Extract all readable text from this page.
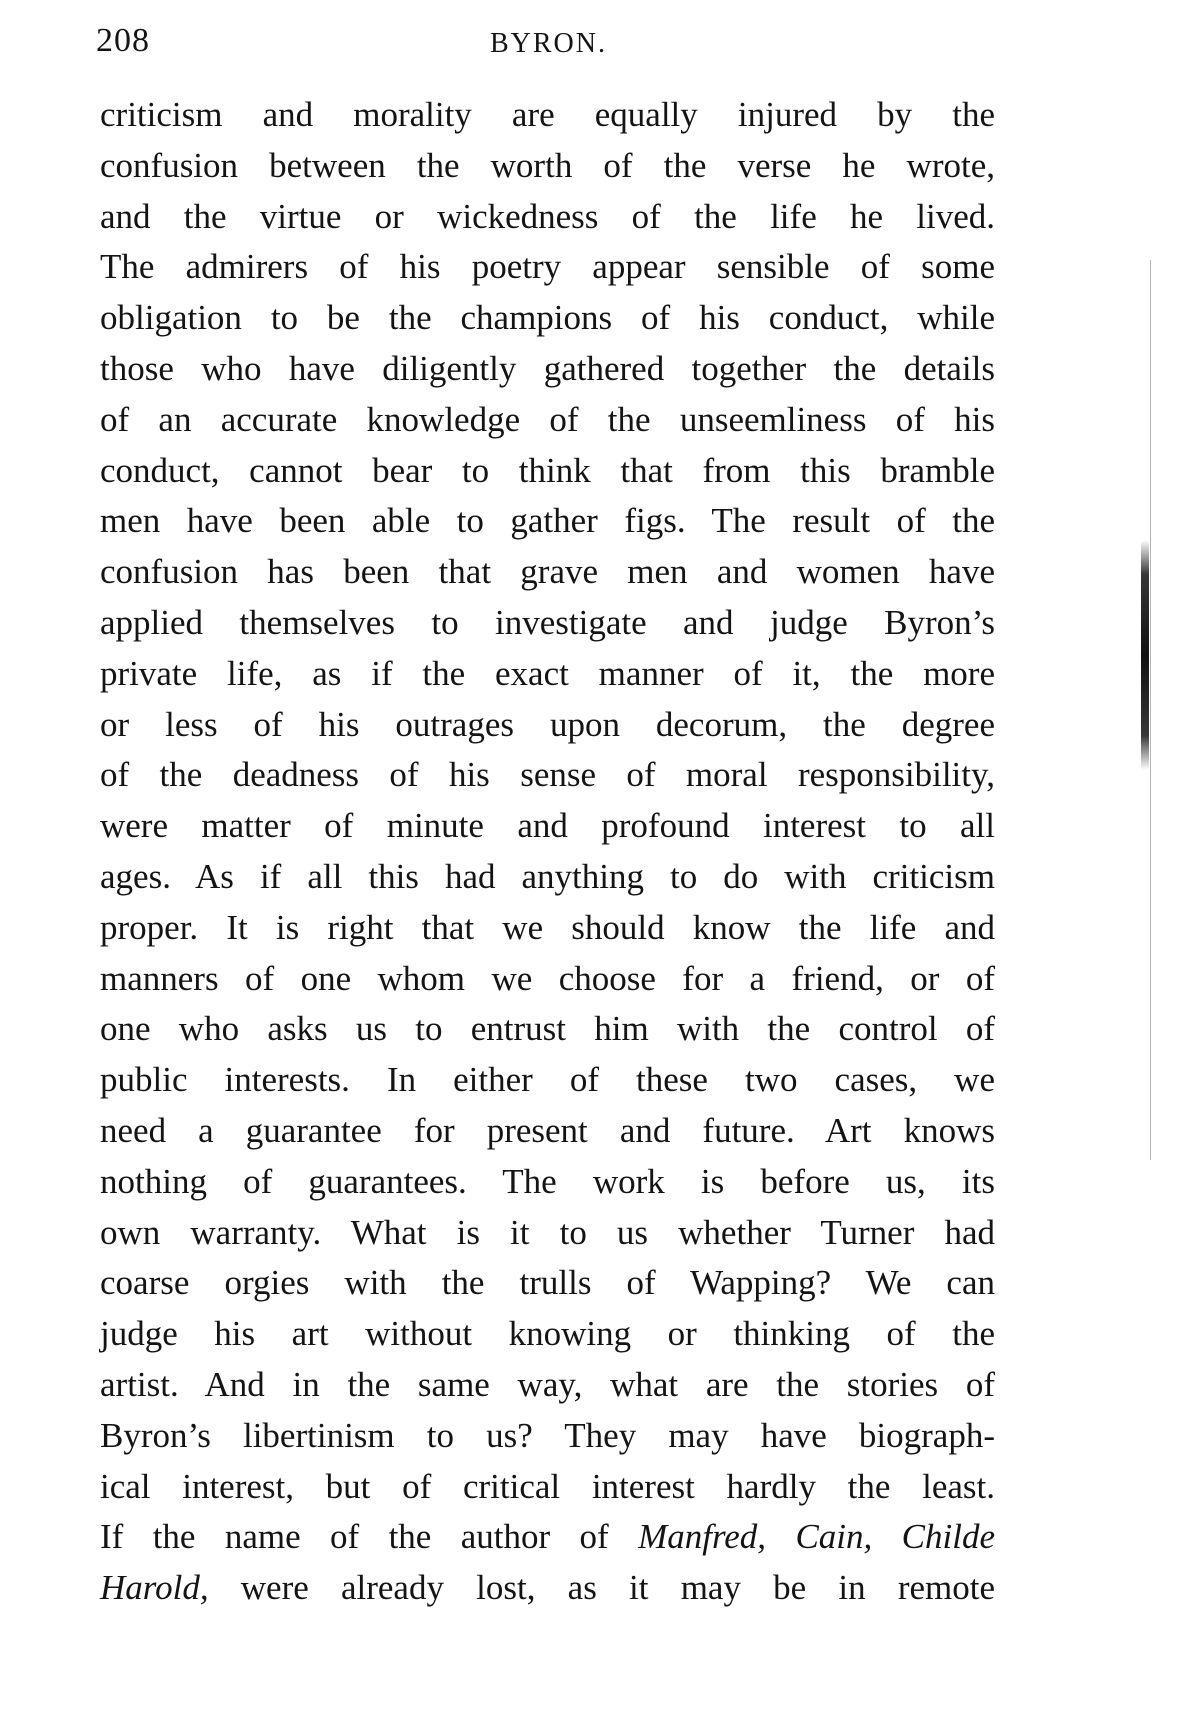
208	BYRON.
criticism and morality are equally injured by the
confusion between the worth of the verse he wrote,
and the virtue or wickedness of the life he lived.
The admirers of his poetry appear sensible of some
obligation to be the champions of his conduct, while
those who have diligently gathered together the details
of an accurate knowledge of the unseemliness of his
conduct, cannot bear to think that from this bramble
men have been able to gather figs. The result of the
confusion has been that grave men and women have
applied themselves to investigate and judge Byron’s
private life, as if the exact manner of it, the more
or less of his outrages upon decorum, the degree
of the deadness of his sense of moral responsibility,
were matter of minute and profound interest to all
ages. As if all this had anything to do with criticism
proper. It is right that we should know the life and
manners of one whom we choose for a friend, or of
one who asks us to entrust him with the control of
public interests. In either of these two cases, we
need a guarantee for present and future. Art knows
nothing of guarantees. The work is before us, its
own warranty. What is it to us whether Turner had
coarse orgies with the trulls of Wapping? We can
judge his art without knowing or thinking of the
artist. And in the same way, what are the stories of
Byron’s libertinism to us? They may have biograph-
ical interest, but of critical interest hardly the least.
If the name of the author of Manfred, Cain, Childe
Harold, were already lost, as it may be in remote
